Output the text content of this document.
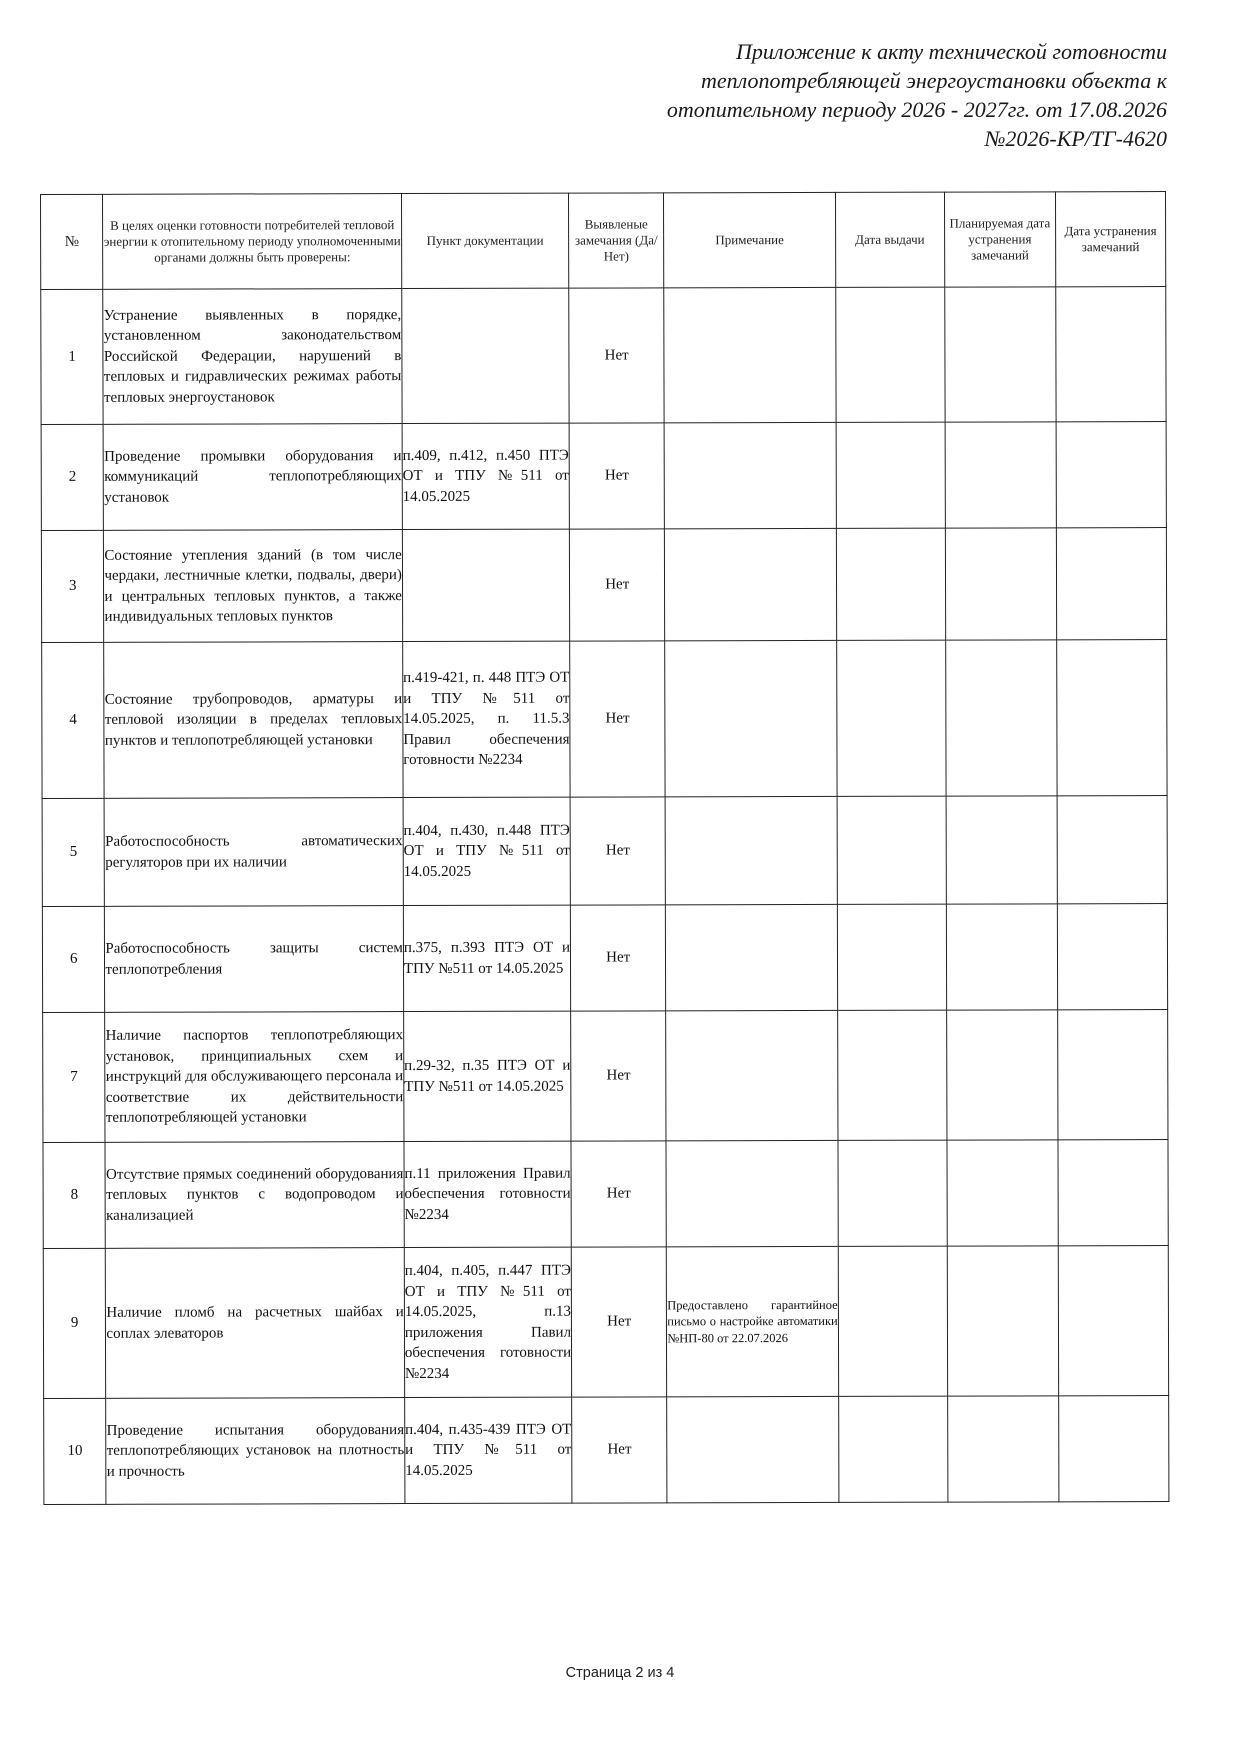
Приложение к акту технической готовности
теплопотребляющей энергоустановки объекта к
отопительному периоду 2026 - 2027гг. от 17.08.2026
№2026-КР/ТГ-4620
№	В целях оценки готовности потребителей тепловой энергии к отопительному периоду уполномоченными органами должны быть проверены:	Пункт документации	Выявленые замечания (Да/Нет)	Примечание	Дата выдачи	Планируемая дата устранения замечаний	Дата устранения замечаний
1	Устранение выявленных в порядке, установленном законодательством Российской Федерации, нарушений в тепловых и гидравлических режимах работы тепловых энергоустановок		Нет				
2	Проведение промывки оборудования и коммуникаций теплопотребляющих установок	п.409, п.412, п.450 ПТЭ ОТ и ТПУ №511 от 14.05.2025	Нет				
3	Состояние утепления зданий (в том числе чердаки, лестничные клетки, подвалы, двери) и центральных тепловых пунктов, а также индивидуальных тепловых пунктов		Нет				
4	Состояние трубопроводов, арматуры и тепловой изоляции в пределах тепловых пунктов и теплопотребляющей установки	п.419-421, п. 448 ПТЭ ОТ и ТПУ №511 от 14.05.2025, п. 11.5.3 Правил обеспечения готовности №2234	Нет				
5	Работоспособность автоматических регуляторов при их наличии	п.404, п.430, п.448 ПТЭ ОТ и ТПУ №511 от 14.05.2025	Нет				
6	Работоспособность защиты систем теплопотребления	п.375, п.393 ПТЭ ОТ и ТПУ №511 от 14.05.2025	Нет				
7	Наличие паспортов теплопотребляющих установок, принципиальных схем и инструкций для обслуживающего персонала и соответствие их действительности теплопотребляющей установки	п.29-32, п.35 ПТЭ ОТ и ТПУ №511 от 14.05.2025	Нет				
8	Отсутствие прямых соединений оборудования тепловых пунктов с водопроводом и канализацией	п.11 приложения Правил обеспечения готовности №2234	Нет				
9	Наличие пломб на расчетных шайбах и соплах элеваторов	п.404, п.405, п.447 ПТЭ ОТ и ТПУ №511 от 14.05.2025, п.13 приложения Павил обеспечения готовности №2234	Нет	Предоставлено гарантийное письмо о настройке автоматики №НП-80 от 22.07.2026			
10	Проведение испытания оборудования теплопотребляющих установок на плотность и прочность	п.404, п.435-439 ПТЭ ОТ и ТПУ №511 от 14.05.2025	Нет				
Страница 2 из 4
